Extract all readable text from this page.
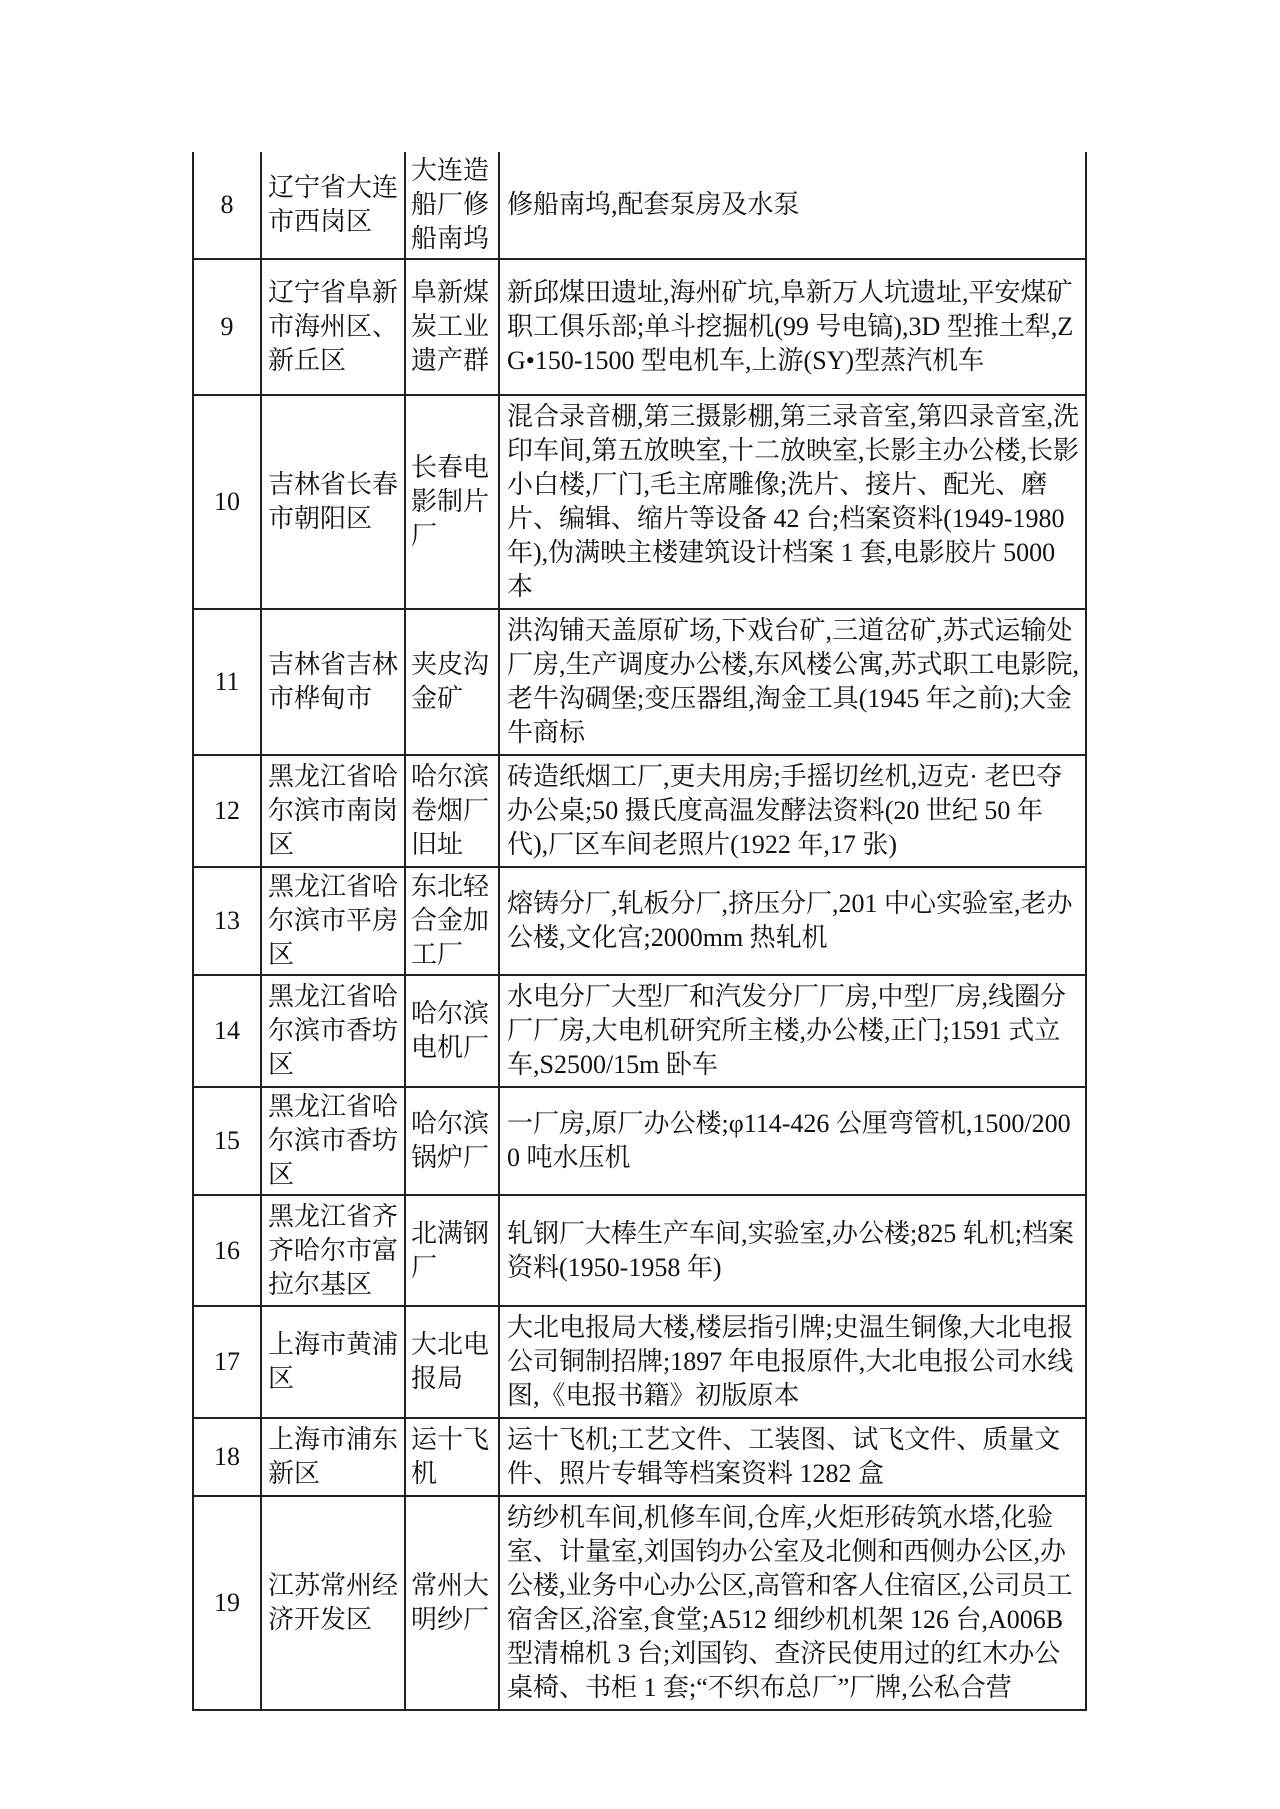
8	辽宁省大连市西岗区	大连造船厂修船南坞	修船南坞,配套泵房及水泵
9	辽宁省阜新市海州区、新丘区	阜新煤炭工业遗产群	新邱煤田遗址,海州矿坑,阜新万人坑遗址,平安煤矿职工俱乐部;单斗挖掘机(99 号电镐),3D 型推土犁,ZG•150-1500 型电机车,上游(SY)型蒸汽机车
10	吉林省长春市朝阳区	长春电影制片厂	混合录音棚,第三摄影棚,第三录音室,第四录音室,洗印车间,第五放映室,十二放映室,长影主办公楼,长影小白楼,厂门,毛主席雕像;洗片、接片、配光、磨片、编辑、缩片等设备 42 台;档案资料(1949-1980 年),伪满映主楼建筑设计档案 1 套,电影胶片 5000 本
11	吉林省吉林市桦甸市	夹皮沟金矿	洪沟铺天盖原矿场,下戏台矿,三道岔矿,苏式运输处厂房,生产调度办公楼,东风楼公寓,苏式职工电影院,老牛沟碉堡;变压器组,淘金工具(1945 年之前);大金牛商标
12	黑龙江省哈尔滨市南岗区	哈尔滨卷烟厂旧址	砖造纸烟工厂,更夫用房;手摇切丝机,迈克· 老巴夺办公桌;50 摄氏度高温发酵法资料(20 世纪 50 年代),厂区车间老照片(1922 年,17 张)
13	黑龙江省哈尔滨市平房区	东北轻合金加工厂	熔铸分厂,轧板分厂,挤压分厂,201 中心实验室,老办公楼,文化宫;2000mm 热轧机
14	黑龙江省哈尔滨市香坊区	哈尔滨电机厂	水电分厂大型厂和汽发分厂厂房,中型厂房,线圈分厂厂房,大电机研究所主楼,办公楼,正门;1591 式立车,S2500/15m 卧车
15	黑龙江省哈尔滨市香坊区	哈尔滨锅炉厂	一厂房,原厂办公楼;φ114-426 公厘弯管机,1500/2000 吨水压机
16	黑龙江省齐齐哈尔市富拉尔基区	北满钢厂	轧钢厂大棒生产车间,实验室,办公楼;825 轧机;档案资料(1950-1958 年)
17	上海市黄浦区	大北电报局	大北电报局大楼,楼层指引牌;史温生铜像,大北电报公司铜制招牌;1897 年电报原件,大北电报公司水线图,《电报书籍》初版原本
18	上海市浦东新区	运十飞机	运十飞机;工艺文件、工装图、试飞文件、质量文件、照片专辑等档案资料 1282 盒
19	江苏常州经济开发区	常州大明纱厂	纺纱机车间,机修车间,仓库,火炬形砖筑水塔,化验室、计量室,刘国钧办公室及北侧和西侧办公区,办公楼,业务中心办公区,高管和客人住宿区,公司员工宿舍区,浴室,食堂;A512 细纱机机架 126 台,A006B 型清棉机 3 台;刘国钧、查济民使用过的红木办公桌椅、书柜 1 套;“不织布总厂”厂牌,公私合营
